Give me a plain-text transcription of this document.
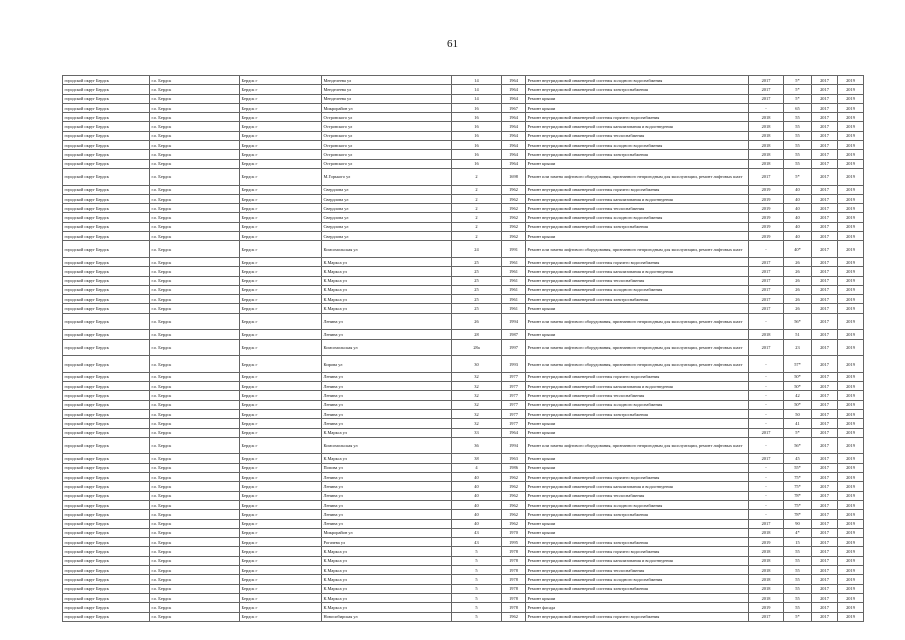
61
городской округ Бердск	г.о. Бердск	Бердск г	Менделеева ул	14	1964	Ремонт внутридомовой инженерной системы холодного водоснабжения	2017	5*	2017	2019
городской округ Бердск	г.о. Бердск	Бердск г	Менделеева ул	14	1964	Ремонт внутридомовой инженерной системы электроснабжения	2017	5*	2017	2019
городской округ Бердск	г.о. Бердск	Бердск г	Менделеева ул	14	1964	Ремонт крыши	2017	5*	2017	2019
городской округ Бердск	г.о. Бердск	Бердск г	Микрорайон ул	16	1967	Ремонт крыши	-	65	2017	2019
городской округ Бердск	г.о. Бердск	Бердск г	Островского ул	16	1964	Ремонт внутридомовой инженерной системы горячего водоснабжения	2018	55	2017	2019
городской округ Бердск	г.о. Бердск	Бердск г	Островского ул	16	1964	Ремонт внутридомовой инженерной системы канализования и водоотведения	2018	55	2017	2019
городской округ Бердск	г.о. Бердск	Бердск г	Островского ул	16	1964	Ремонт внутридомовой инженерной системы теплоснабжения	2018	55	2017	2019
городской округ Бердск	г.о. Бердск	Бердск г	Островского ул	16	1964	Ремонт внутридомовой инженерной системы холодного водоснабжения	2018	55	2017	2019
городской округ Бердск	г.о. Бердск	Бердск г	Островского ул	16	1964	Ремонт внутридомовой инженерной системы электроснабжения	2018	55	2017	2019
городской округ Бердск	г.о. Бердск	Бердск г	Островского ул	16	1964	Ремонт крыши	2018	55	2017	2019
городской округ Бердск	г.о. Бердск	Бердск г	М.Горького ул	2	1698	Ремонт или замена лифтового оборудования, признанного непригодным для эксплуатации, ремонт лифтовых шахт	2017	5*	2017	2019
городской округ Бердск	г.о. Бердск	Бердск г	Свердлова ул	2	1962	Ремонт внутридомовой инженерной системы горячего водоснабжения	2019	40	2017	2019
городской округ Бердск	г.о. Бердск	Бердск г	Свердлова ул	2	1962	Ремонт внутридомовой инженерной системы канализования и водоотведения	2019	40	2017	2019
городской округ Бердск	г.о. Бердск	Бердск г	Свердлова ул	2	1962	Ремонт внутридомовой инженерной системы теплоснабжения	2019	40	2017	2019
городской округ Бердск	г.о. Бердск	Бердск г	Свердлова ул	2	1962	Ремонт внутридомовой инженерной системы холодного водоснабжения	2019	40	2017	2019
городской округ Бердск	г.о. Бердск	Бердск г	Свердлова ул	2	1962	Ремонт внутридомовой инженерной системы электроснабжения	2019	40	2017	2019
городской округ Бердск	г.о. Бердск	Бердск г	Свердлова ул	2	1962	Ремонт крыши	2019	40	2017	2019
городской округ Бердск	г.о. Бердск	Бердск г	Комсомольская ул	24	1991	Ремонт или замена лифтового оборудования, признанного непригодным для эксплуатации, ремонт лифтовых шахт	-	40*	2017	2019
городской округ Бердск	г.о. Бердск	Бердск г	К.Маркса ул	25	1961	Ремонт внутридомовой инженерной системы горячего водоснабжения	2017	26	2017	2019
городской округ Бердск	г.о. Бердск	Бердск г	К.Маркса ул	25	1961	Ремонт внутридомовой инженерной системы канализования и водоотведения	2017	26	2017	2019
городской округ Бердск	г.о. Бердск	Бердск г	К.Маркса ул	25	1961	Ремонт внутридомовой инженерной системы теплоснабжения	2017	26	2017	2019
городской округ Бердск	г.о. Бердск	Бердск г	К.Маркса ул	25	1961	Ремонт внутридомовой инженерной системы холодного водоснабжения	2017	26	2017	2019
городской округ Бердск	г.о. Бердск	Бердск г	К.Маркса ул	25	1961	Ремонт внутридомовой инженерной системы электроснабжения	2017	26	2017	2019
городской округ Бердск	г.о. Бердск	Бердск г	К.Маркса ул	25	1961	Ремонт крыши	2017	26	2017	2019
городской округ Бердск	г.о. Бердск	Бердск г	Ленина ул	26	1994	Ремонт или замена лифтового оборудования, признанного непригодным для эксплуатации, ремонт лифтовых шахт	-	56*	2017	2019
городской округ Бердск	г.о. Бердск	Бердск г	Ленина ул	28	1987	Ремонт крыши	2018	51	2017	2019
городской округ Бердск	г.о. Бердск	Бердск г	Комсомольская ул	28а	1997	Ремонт или замена лифтового оборудования, признанного непригодным для эксплуатации, ремонт лифтовых шахт	2017	23	2017	2019
городской округ Бердск	г.о. Бердск	Бердск г	Кирова ул	30	1993	Ремонт или замена лифтового оборудования, признанного непригодным для эксплуатации, ремонт лифтовых шахт	-	57*	2017	2019
городской округ Бердск	г.о. Бердск	Бердск г	Ленина ул	32	1977	Ремонт внутридомовой инженерной системы горячего водоснабжения	-	50*	2017	2019
городской округ Бердск	г.о. Бердск	Бердск г	Ленина ул	32	1977	Ремонт внутридомовой инженерной системы канализования и водоотведения	-	50*	2017	2019
городской округ Бердск	г.о. Бердск	Бердск г	Ленина ул	32	1977	Ремонт внутридомовой инженерной системы теплоснабжения	-	42	2017	2019
городской округ Бердск	г.о. Бердск	Бердск г	Ленина ул	32	1977	Ремонт внутридомовой инженерной системы холодного водоснабжения	-	50*	2017	2019
городской округ Бердск	г.о. Бердск	Бердск г	Ленина ул	32	1977	Ремонт внутридомовой инженерной системы электроснабжения	-	50	2017	2019
городской округ Бердск	г.о. Бердск	Бердск г	Ленина ул	32	1977	Ремонт крыши	-	41	2017	2019
городской округ Бердск	г.о. Бердск	Бердск г	К.Маркса ул	33	1964	Ремонт крыши	2017	5*	2017	2019
городской округ Бердск	г.о. Бердск	Бердск г	Комсомольская ул	36	1994	Ремонт или замена лифтового оборудования, признанного непригодным для эксплуатации, ремонт лифтовых шахт	-	56*	2017	2019
городской округ Бердск	г.о. Бердск	Бердск г	К.Маркса ул	38	1963	Ремонт крыши	2017	45	2017	2019
городской округ Бердск	г.о. Бердск	Бердск г	Попова ул	4	1986	Ремонт крыши	-	55*	2017	2019
городской округ Бердск	г.о. Бердск	Бердск г	Ленина ул	40	1962	Ремонт внутридомовой инженерной системы горячего водоснабжения	-	75*	2017	2019
городской округ Бердск	г.о. Бердск	Бердск г	Ленина ул	40	1962	Ремонт внутридомовой инженерной системы канализования и водоотведения	-	75*	2017	2019
городской округ Бердск	г.о. Бердск	Бердск г	Ленина ул	40	1962	Ремонт внутридомовой инженерной системы теплоснабжения	-	78*	2017	2019
городской округ Бердск	г.о. Бердск	Бердск г	Ленина ул	40	1962	Ремонт внутридомовой инженерной системы холодного водоснабжения	-	75*	2017	2019
городской округ Бердск	г.о. Бердск	Бердск г	Ленина ул	40	1962	Ремонт внутридомовой инженерной системы электроснабжения	-	78*	2017	2019
городской округ Бердск	г.о. Бердск	Бердск г	Ленина ул	40	1962	Ремонт крыши	2017	90	2017	2019
городской округ Бердск	г.о. Бердск	Бердск г	Микрорайон ул	43	1970	Ремонт крыши	2018	4*	2017	2019
городской округ Бердск	г.о. Бердск	Бердск г	Рогачева ул	43	1995	Ремонт внутридомовой инженерной системы электроснабжения	2019	15	2017	2019
городской округ Бердск	г.о. Бердск	Бердск г	К.Маркса ул	5	1978	Ремонт внутридомовой инженерной системы горячего водоснабжения	2018	55	2017	2019
городской округ Бердск	г.о. Бердск	Бердск г	К.Маркса ул	5	1978	Ремонт внутридомовой инженерной системы канализования и водоотведения	2018	55	2017	2019
городской округ Бердск	г.о. Бердск	Бердск г	К.Маркса ул	5	1978	Ремонт внутридомовой инженерной системы теплоснабжения	2018	55	2017	2019
городской округ Бердск	г.о. Бердск	Бердск г	К.Маркса ул	5	1978	Ремонт внутридомовой инженерной системы холодного водоснабжения	2018	55	2017	2019
городской округ Бердск	г.о. Бердск	Бердск г	К.Маркса ул	5	1978	Ремонт внутридомовой инженерной системы электроснабжения	2018	55	2017	2019
городской округ Бердск	г.о. Бердск	Бердск г	К.Маркса ул	5	1978	Ремонт крыши	2018	55	2017	2019
городской округ Бердск	г.о. Бердск	Бердск г	К.Маркса ул	5	1978	Ремонт фасада	2019	55	2017	2019
городской округ Бердск	г.о. Бердск	Бердск г	Новосибирская ул	5	1962	Ремонт внутридомовой инженерной системы горячего водоснабжения	2017	5*	2017	2019
